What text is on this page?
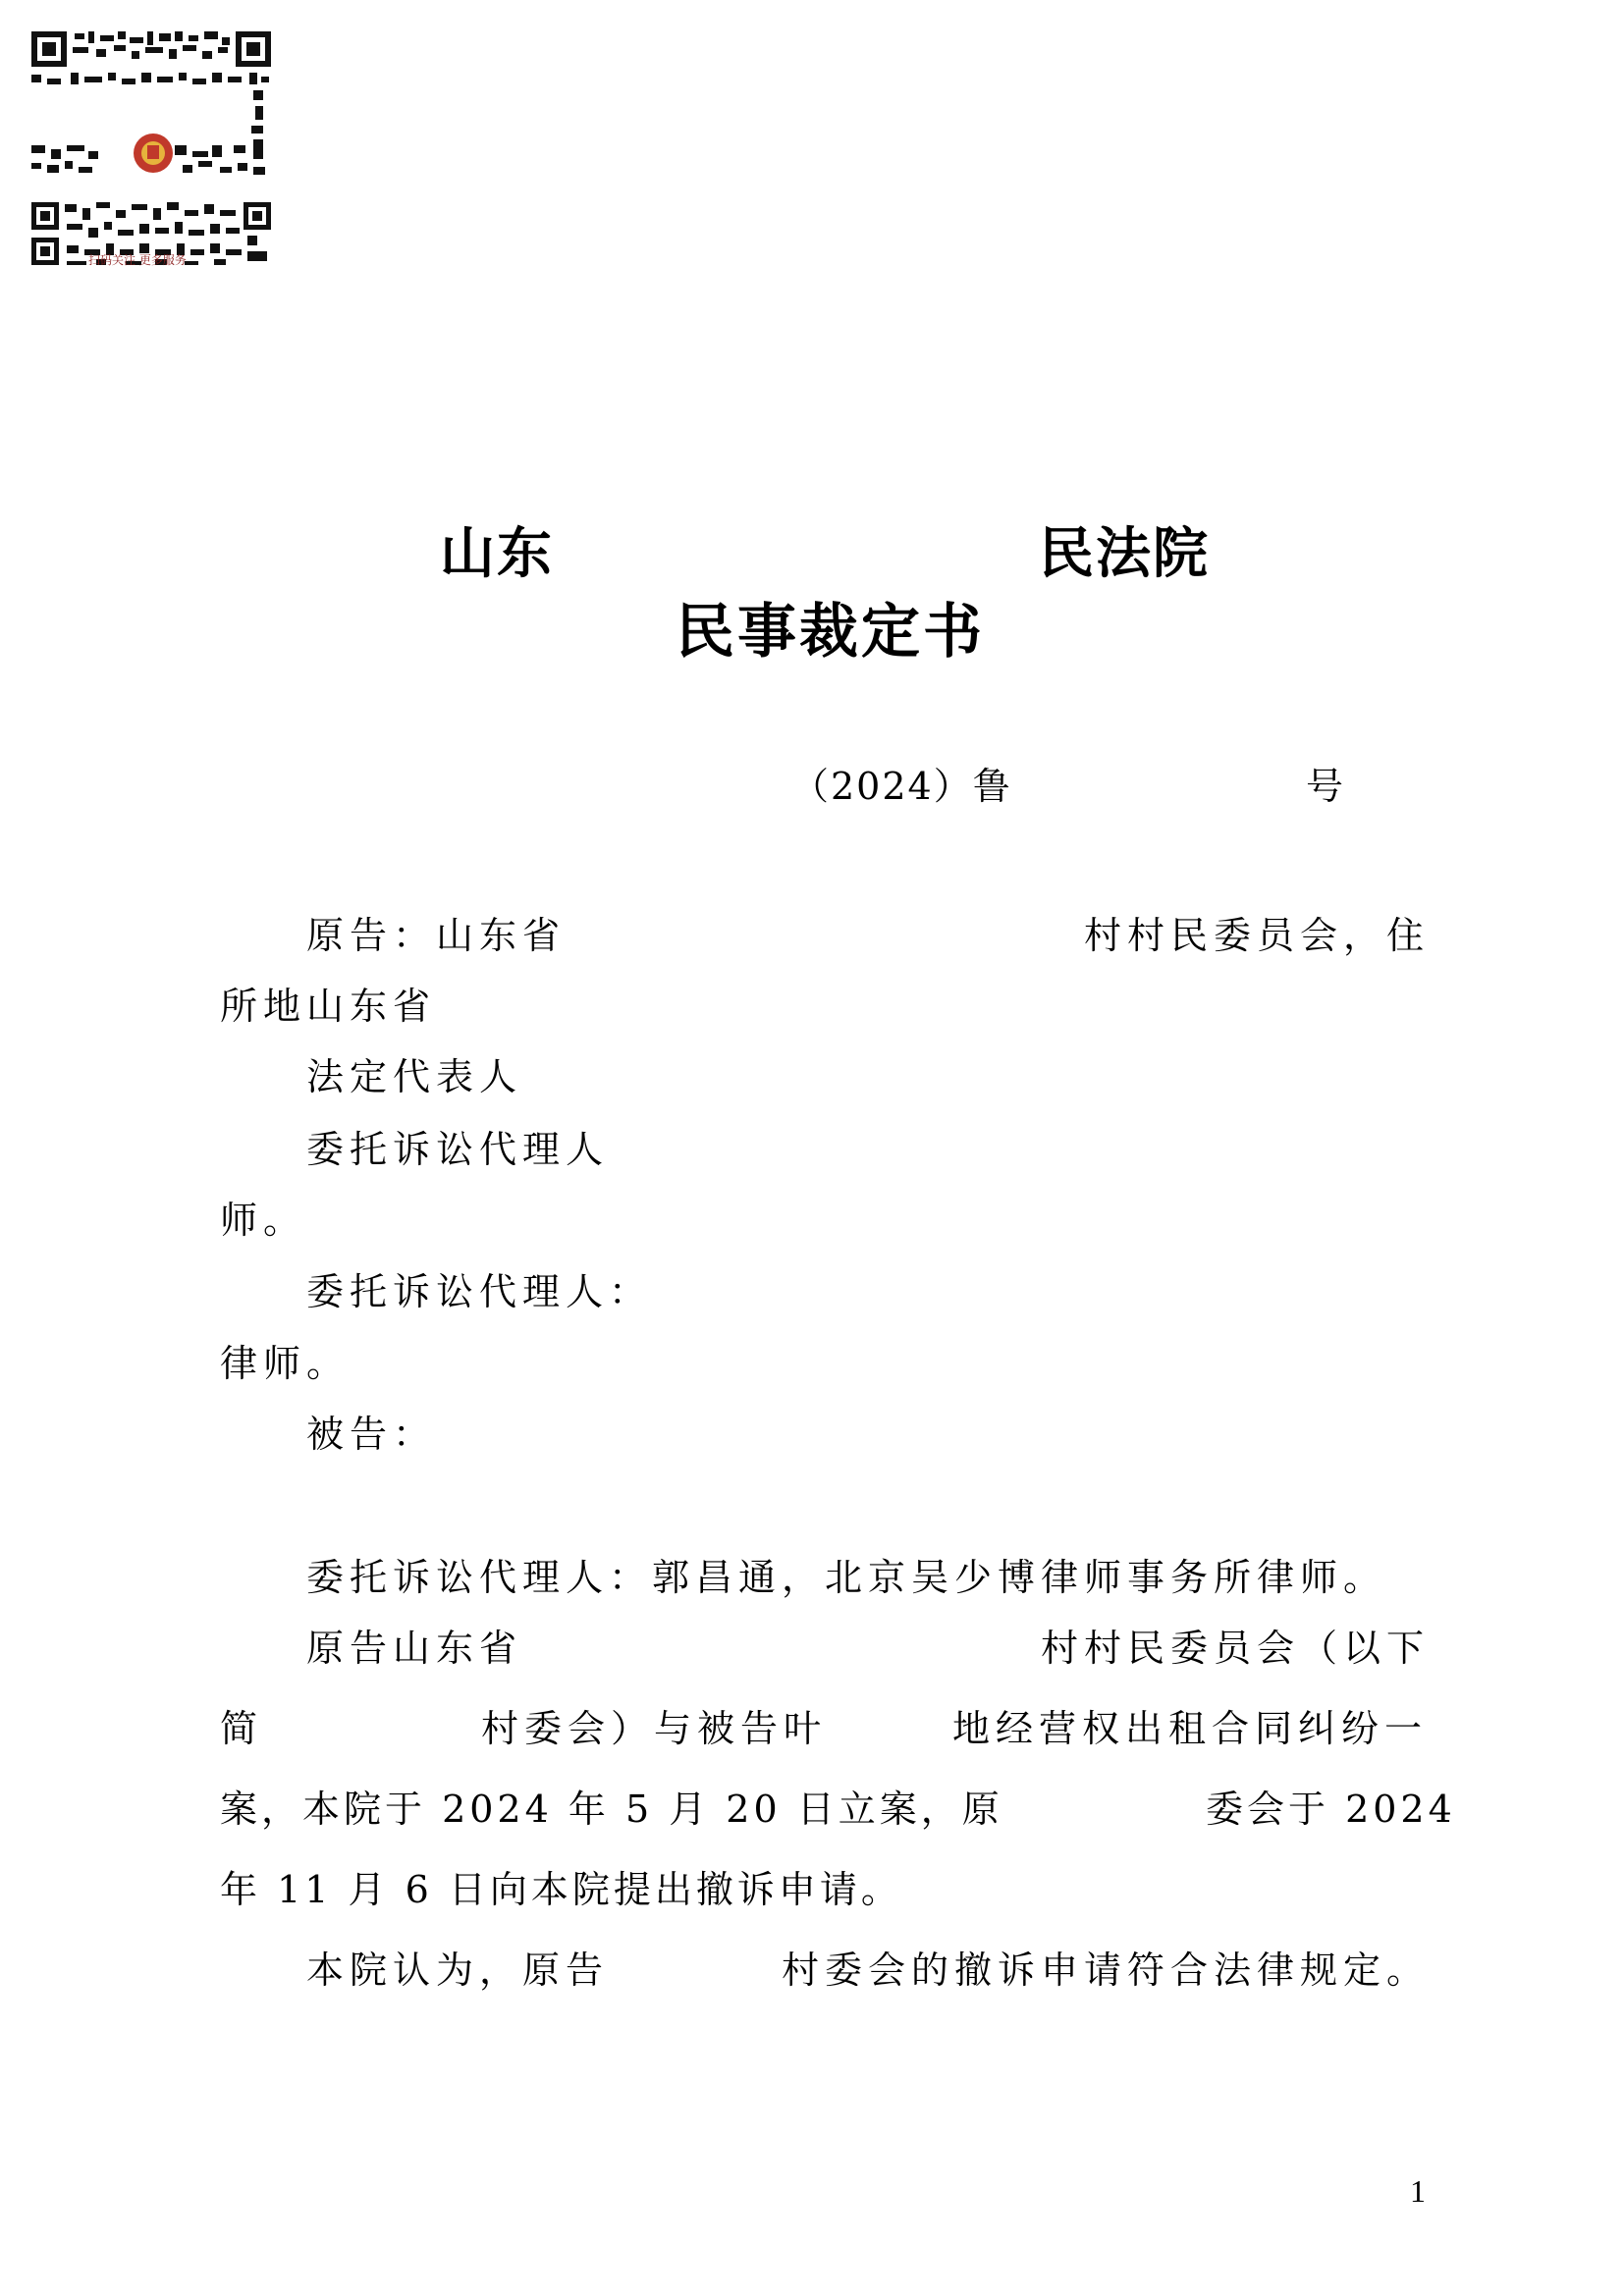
扫码关注 更多服务
山东	民法院
民事裁定书
（2024）鲁	号
原告：山东省	村村民委员会，住
所地山东省
法定代表人
委托诉讼代理人
师。
委托诉讼代理人：
律师。
被告：
委托诉讼代理人：郭昌通，北京吴少博律师事务所律师。
原告山东省	村村民委员会（以下
简	村委会）与被告叶	地经营权出租合同纠纷一
案，本院于 2024 年 5 月 20 日立案，原	委会于 2024
年 11 月 6 日向本院提出撤诉申请。
本院认为，原告	村委会的撤诉申请符合法律规定。
1
